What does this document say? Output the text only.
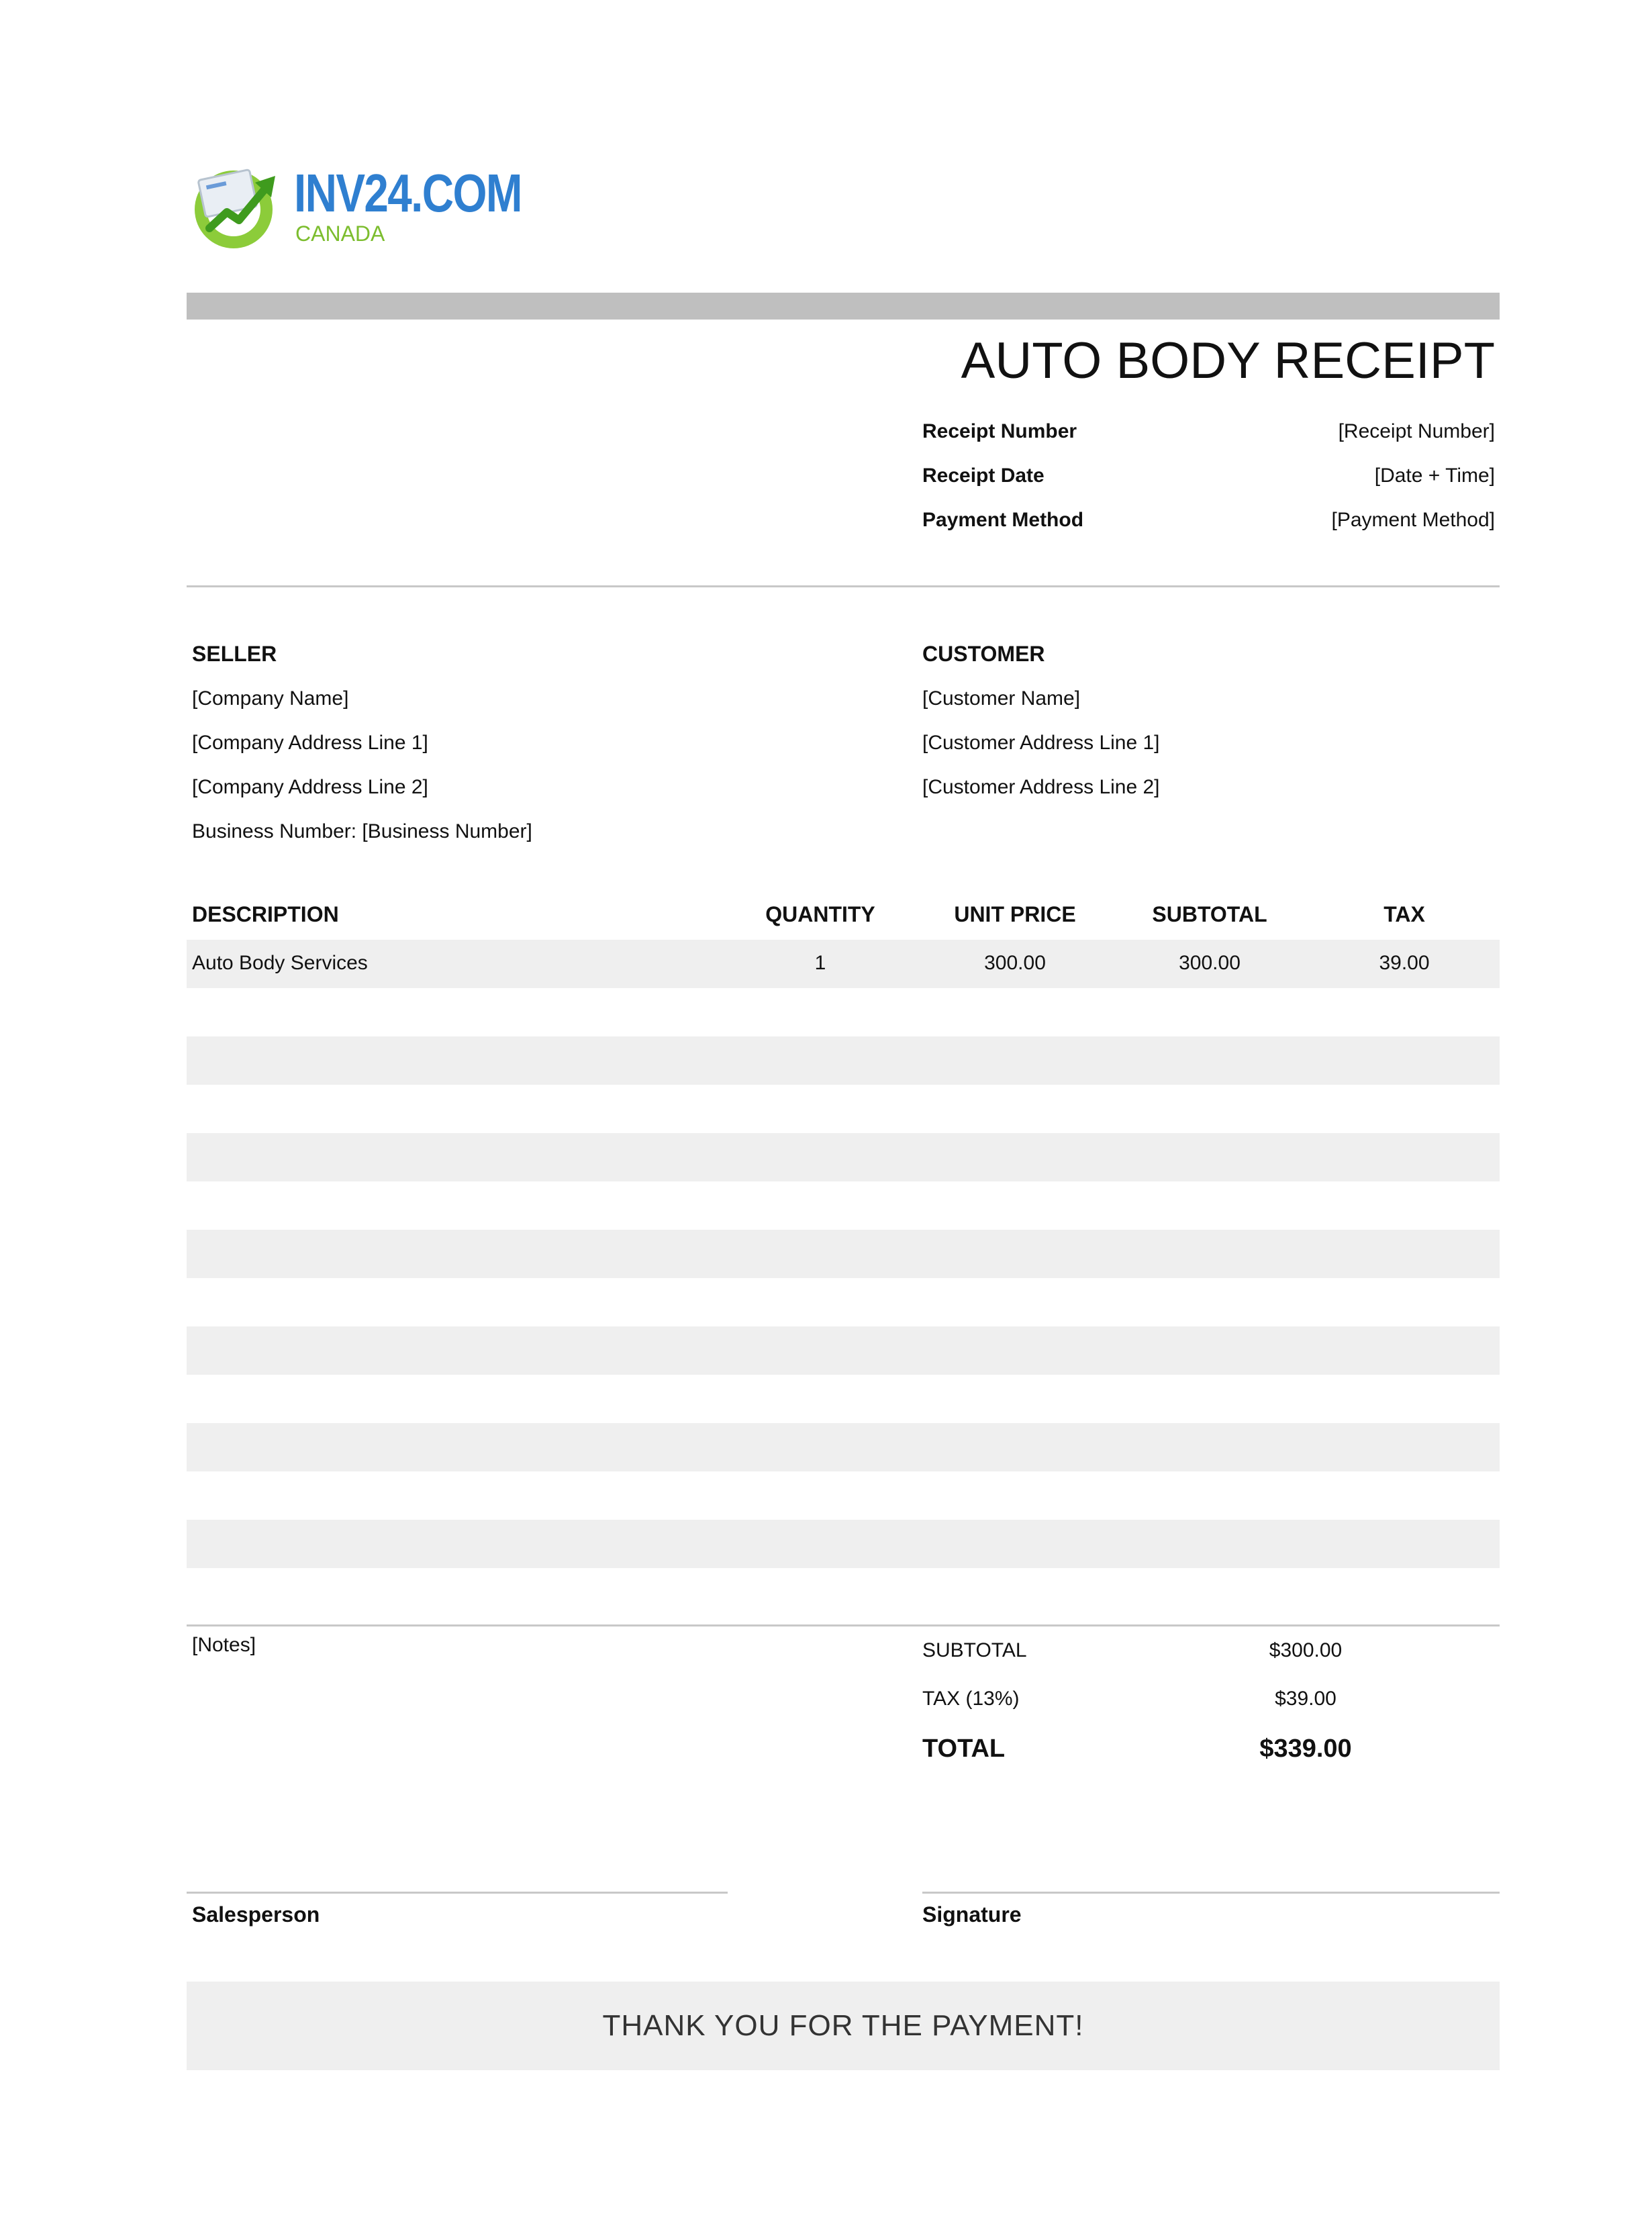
INV24.COM
CANADA
AUTO BODY RECEIPT
Receipt Number	[Receipt Number]
Receipt Date	[Date + Time]
Payment Method	[Payment Method]
SELLER
[Company Name]
[Company Address Line 1]
[Company Address Line 2]
Business Number: [Business Number]
CUSTOMER
[Customer Name]
[Customer Address Line 1]
[Customer Address Line 2]
DESCRIPTION	QUANTITY	UNIT PRICE	SUBTOTAL	TAX
Auto Body Services	1	300.00	300.00	39.00
[Notes]	SUBTOTAL	$300.00
TAX (13%)	$39.00
TOTAL	$339.00
Salesperson	Signature
THANK YOU FOR THE PAYMENT!
